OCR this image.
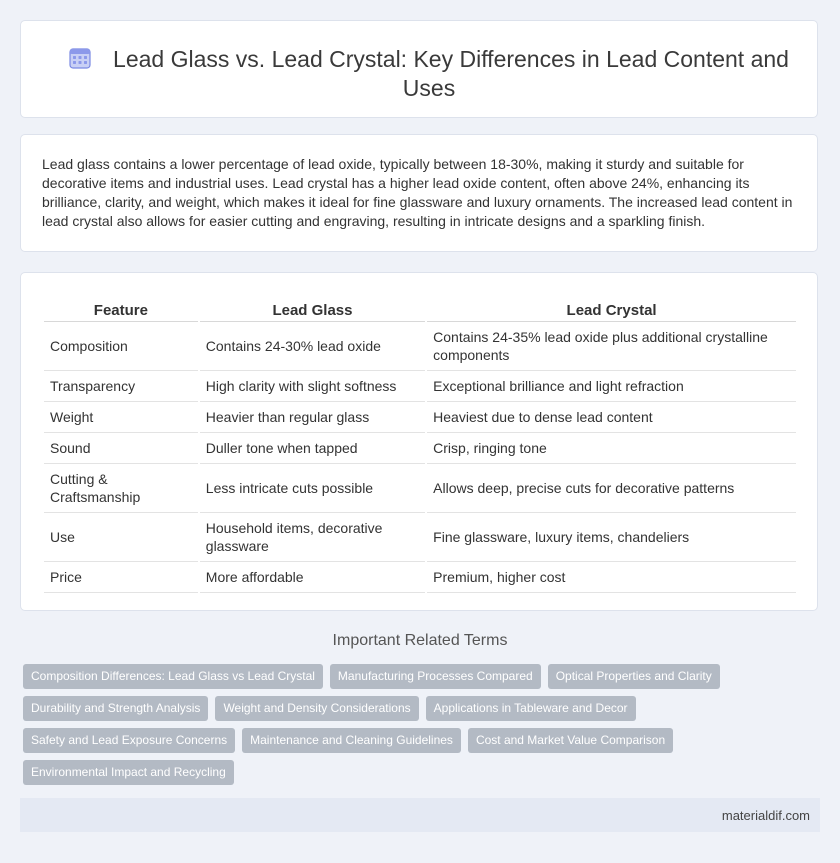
Lead Glass vs. Lead Crystal: Key Differences in Lead Content and Uses
Lead glass contains a lower percentage of lead oxide, typically between 18-30%, making it sturdy and suitable for decorative items and industrial uses. Lead crystal has a higher lead oxide content, often above 24%, enhancing its brilliance, clarity, and weight, which makes it ideal for fine glassware and luxury ornaments. The increased lead content in lead crystal also allows for easier cutting and engraving, resulting in intricate designs and a sparkling finish.
Feature	Lead Glass	Lead Crystal
Composition	Contains 24-30% lead oxide	Contains 24-35% lead oxide plus additional crystalline components
Transparency	High clarity with slight softness	Exceptional brilliance and light refraction
Weight	Heavier than regular glass	Heaviest due to dense lead content
Sound	Duller tone when tapped	Crisp, ringing tone
Cutting & Craftsmanship	Less intricate cuts possible	Allows deep, precise cuts for decorative patterns
Use	Household items, decorative glassware	Fine glassware, luxury items, chandeliers
Price	More affordable	Premium, higher cost
Important Related Terms
Composition Differences: Lead Glass vs Lead Crystal	Manufacturing Processes Compared	Optical Properties and Clarity
Durability and Strength Analysis	Weight and Density Considerations	Applications in Tableware and Decor
Safety and Lead Exposure Concerns	Maintenance and Cleaning Guidelines	Cost and Market Value Comparison
Environmental Impact and Recycling
materialdif.com
